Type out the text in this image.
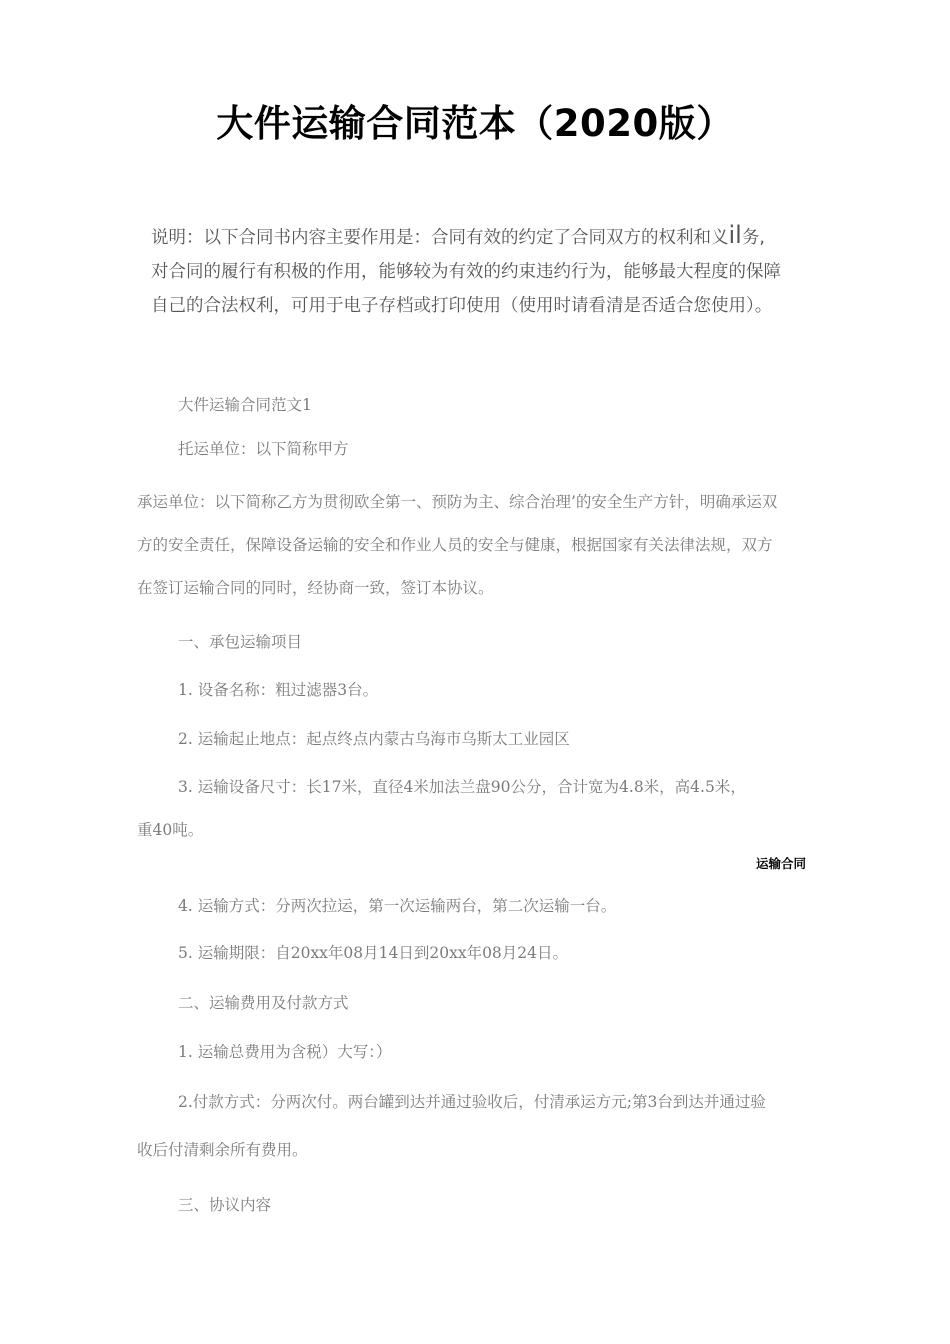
大件运输合同范本（2020版）
说明：以下合同书内容主要作用是：合同有效的约定了合同双方的权利和义il务,
对合同的履行有积极的作用，能够较为有效的约束违约行为，能够最大程度的保障
自己的合法权利，可用于电子存档或打印使用（使用时请看清是否适合您使用）。
大件运输合同范文1
托运单位：以下简称甲方
承运单位：以下简称乙方为贯彻欧全第一、预防为主、综合治理’的安全生产方针，明确承运双
方的安全责任，保障设备运输的安全和作业人员的安全与健康，根据国家有关法律法规，双方
在签订运输合同的同时，经协商一致，签订本协议。
一、承包运输项目
1. 设备名称：粗过滤器3台。
2. 运输起止地点：起点终点内蒙古乌海市乌斯太工业园区
3. 运输设备尺寸：长17米，直径4米加法兰盘90公分，合计宽为4.8米，高4.5米，
重40吨。
运输合同
4. 运输方式：分两次拉运，第一次运输两台，第二次运输一台。
5. 运输期限：自20xx年08月14日到20xx年08月24日。
二、运输费用及付款方式
1. 运输总费用为含税）大写：）
2.付款方式：分两次付。两台罐到达并通过验收后，付清承运方元;第3台到达并通过验
收后付清剩余所有费用。
三、协议内容
